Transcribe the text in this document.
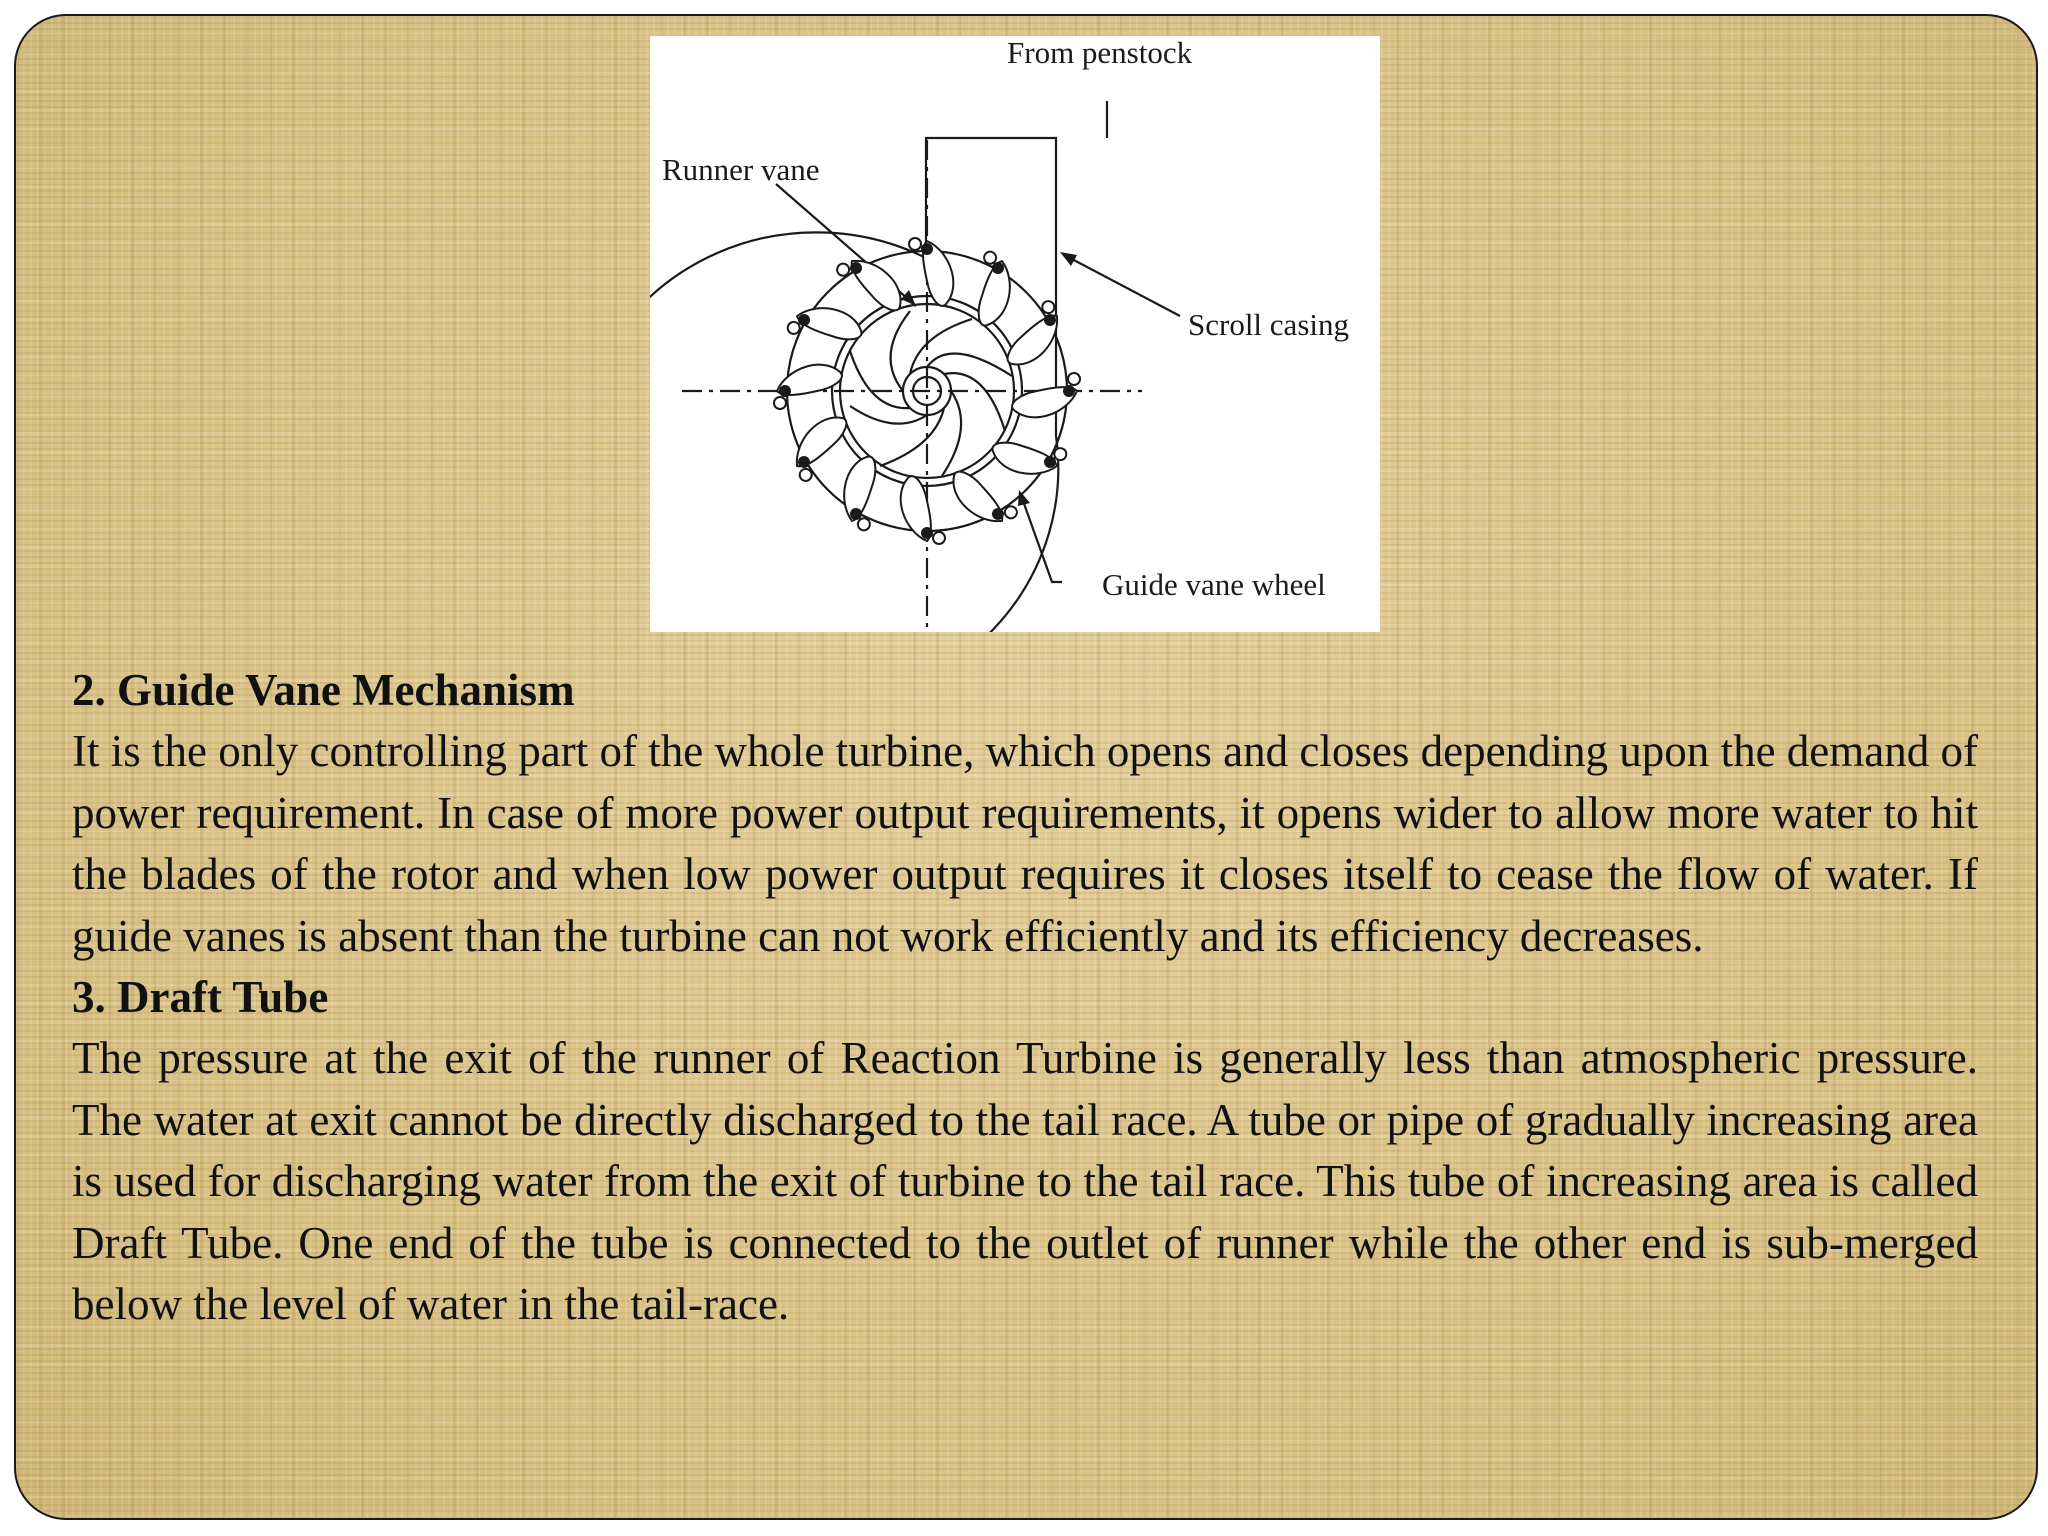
From penstock
Runner vane
Scroll casing
Guide vane wheel
2. Guide Vane Mechanism

It is the only controlling part of the whole turbine, which opens and closes depending upon the demand of power requirement. In case of more power output requirements, it opens wider to allow more water to hit the blades of the rotor and when low power output requires it closes itself to cease the flow of water. If guide vanes is absent than the turbine can not work efficiently and its efficiency decreases.

3. Draft Tube

The pressure at the exit of the runner of Reaction Turbine is generally less than atmospheric pressure. The water at exit cannot be directly discharged to the tail race. A tube or pipe of gradually increasing area is used for discharging water from the exit of turbine to the tail race. This tube of increasing area is called Draft Tube. One end of the tube is connected to the outlet of runner while the other end is sub-merged below the level of water in the tail-race.
